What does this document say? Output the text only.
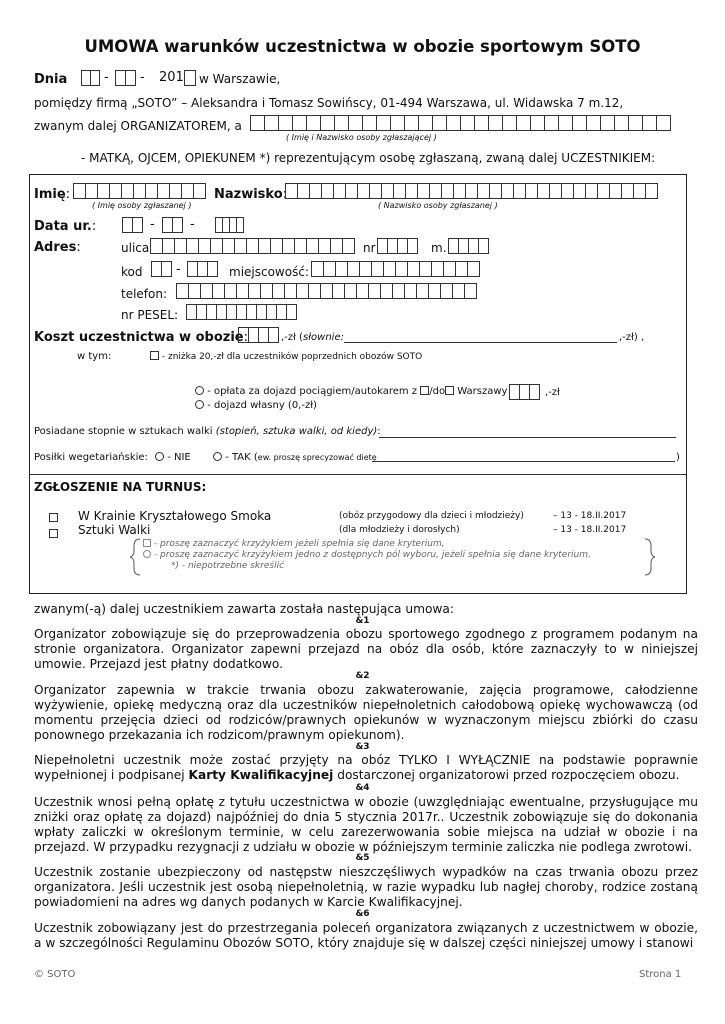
UMOWA warunków uczestnictwa w obozie sportowym SOTO
Dnia	- - 201 w Warszawie,
pomiędzy firmą „SOTO” – Aleksandra i Tomasz Sowińscy, 01-494 Warszawa, ul. Widawska 7 m.12,
zwanym dalej ORGANIZATOREM, a
( Imię i Nazwisko osoby zgłaszającej )
- MATKĄ, OJCEM, OPIEKUNEM *) reprezentującym osobę zgłaszaną, zwaną dalej UCZESTNIKIEM:
Imię:
( Imię osoby zgłaszanej )
Nazwisko:
( Nazwisko osoby zgłaszanej )
Data ur.:	-	-
Adres:	ulica	nr	m.
kod	-	miejscowość:
telefon:
nr PESEL:
Koszt uczestnictwa w obozie:	,-zł (słownie:	,-zł) ,
w tym:	- zniżka 20,-zł dla uczestników poprzednich obozów SOTO
- opłata za dojazd pociągiem/autokarem z /do Warszawy	,-zł
- dojazd własny (0,-zł)
Posiadane stopnie w sztukach walki (stopień, sztuka walki, od kiedy):
Posiłki wegetariańskie:	- NIE	- TAK (ew. proszę sprecyzować dietę	)
ZGŁOSZENIE NA TURNUS:
W Krainie Kryształowego Smoka	(obóz przygodowy dla dzieci i młodzieży)	– 13 - 18.II.2017
Sztuki Walki	(dla młodzieży i dorosłych)	– 13 - 18.II.2017
- proszę zaznaczyć krzyżykiem jeżeli spełnia się dane kryterium,
- proszę zaznaczyć krzyżykiem jedno z dostępnych pól wyboru, jeżeli spełnia się dane kryterium.
*) - niepotrzebne skreślić
zwanym(-ą) dalej uczestnikiem zawarta została następująca umowa:
&1
Organizator zobowiązuje się do przeprowadzenia obozu sportowego zgodnego z programem podanym na stronie organizatora. Organizator zapewni przejazd na obóz dla osób, które zaznaczyły to w niniejszej umowie. Przejazd jest płatny dodatkowo.
&2
Organizator zapewnia w trakcie trwania obozu zakwaterowanie, zajęcia programowe, całodzienne wyżywienie, opiekę medyczną oraz dla uczestników niepełnoletnich całodobową opiekę wychowawczą (od momentu przejęcia dzieci od rodziców/prawnych opiekunów w wyznaczonym miejscu zbiórki do czasu ponownego przekazania ich rodzicom/prawnym opiekunom).
&3
Niepełnoletni uczestnik może zostać przyjęty na obóz TYLKO I WYŁĄCZNIE na podstawie poprawnie wypełnionej i podpisanej Karty Kwalifikacyjnej dostarczonej organizatorowi przed rozpoczęciem obozu.
&4
Uczestnik wnosi pełną opłatę z tytułu uczestnictwa w obozie (uwzględniając ewentualne, przysługujące mu zniżki oraz opłatę za dojazd) najpóźniej do dnia 5 stycznia 2017r.. Uczestnik zobowiązuje się do dokonania wpłaty zaliczki w określonym terminie, w celu zarezerwowania sobie miejsca na udział w obozie i na przejazd. W przypadku rezygnacji z udziału w obozie w późniejszym terminie zaliczka nie podlega zwrotowi.
&5
Uczestnik zostanie ubezpieczony od następstw nieszczęśliwych wypadków na czas trwania obozu przez organizatora. Jeśli uczestnik jest osobą niepełnoletnią, w razie wypadku lub nagłej choroby, rodzice zostaną powiadomieni na adres wg danych podanych w Karcie Kwalifikacyjnej.
&6
Uczestnik zobowiązany jest do przestrzegania poleceń organizatora związanych z uczestnictwem w obozie, a w szczególności Regulaminu Obozów SOTO, który znajduje się w dalszej części niniejszej umowy i stanowi
© SOTO	Strona 1
